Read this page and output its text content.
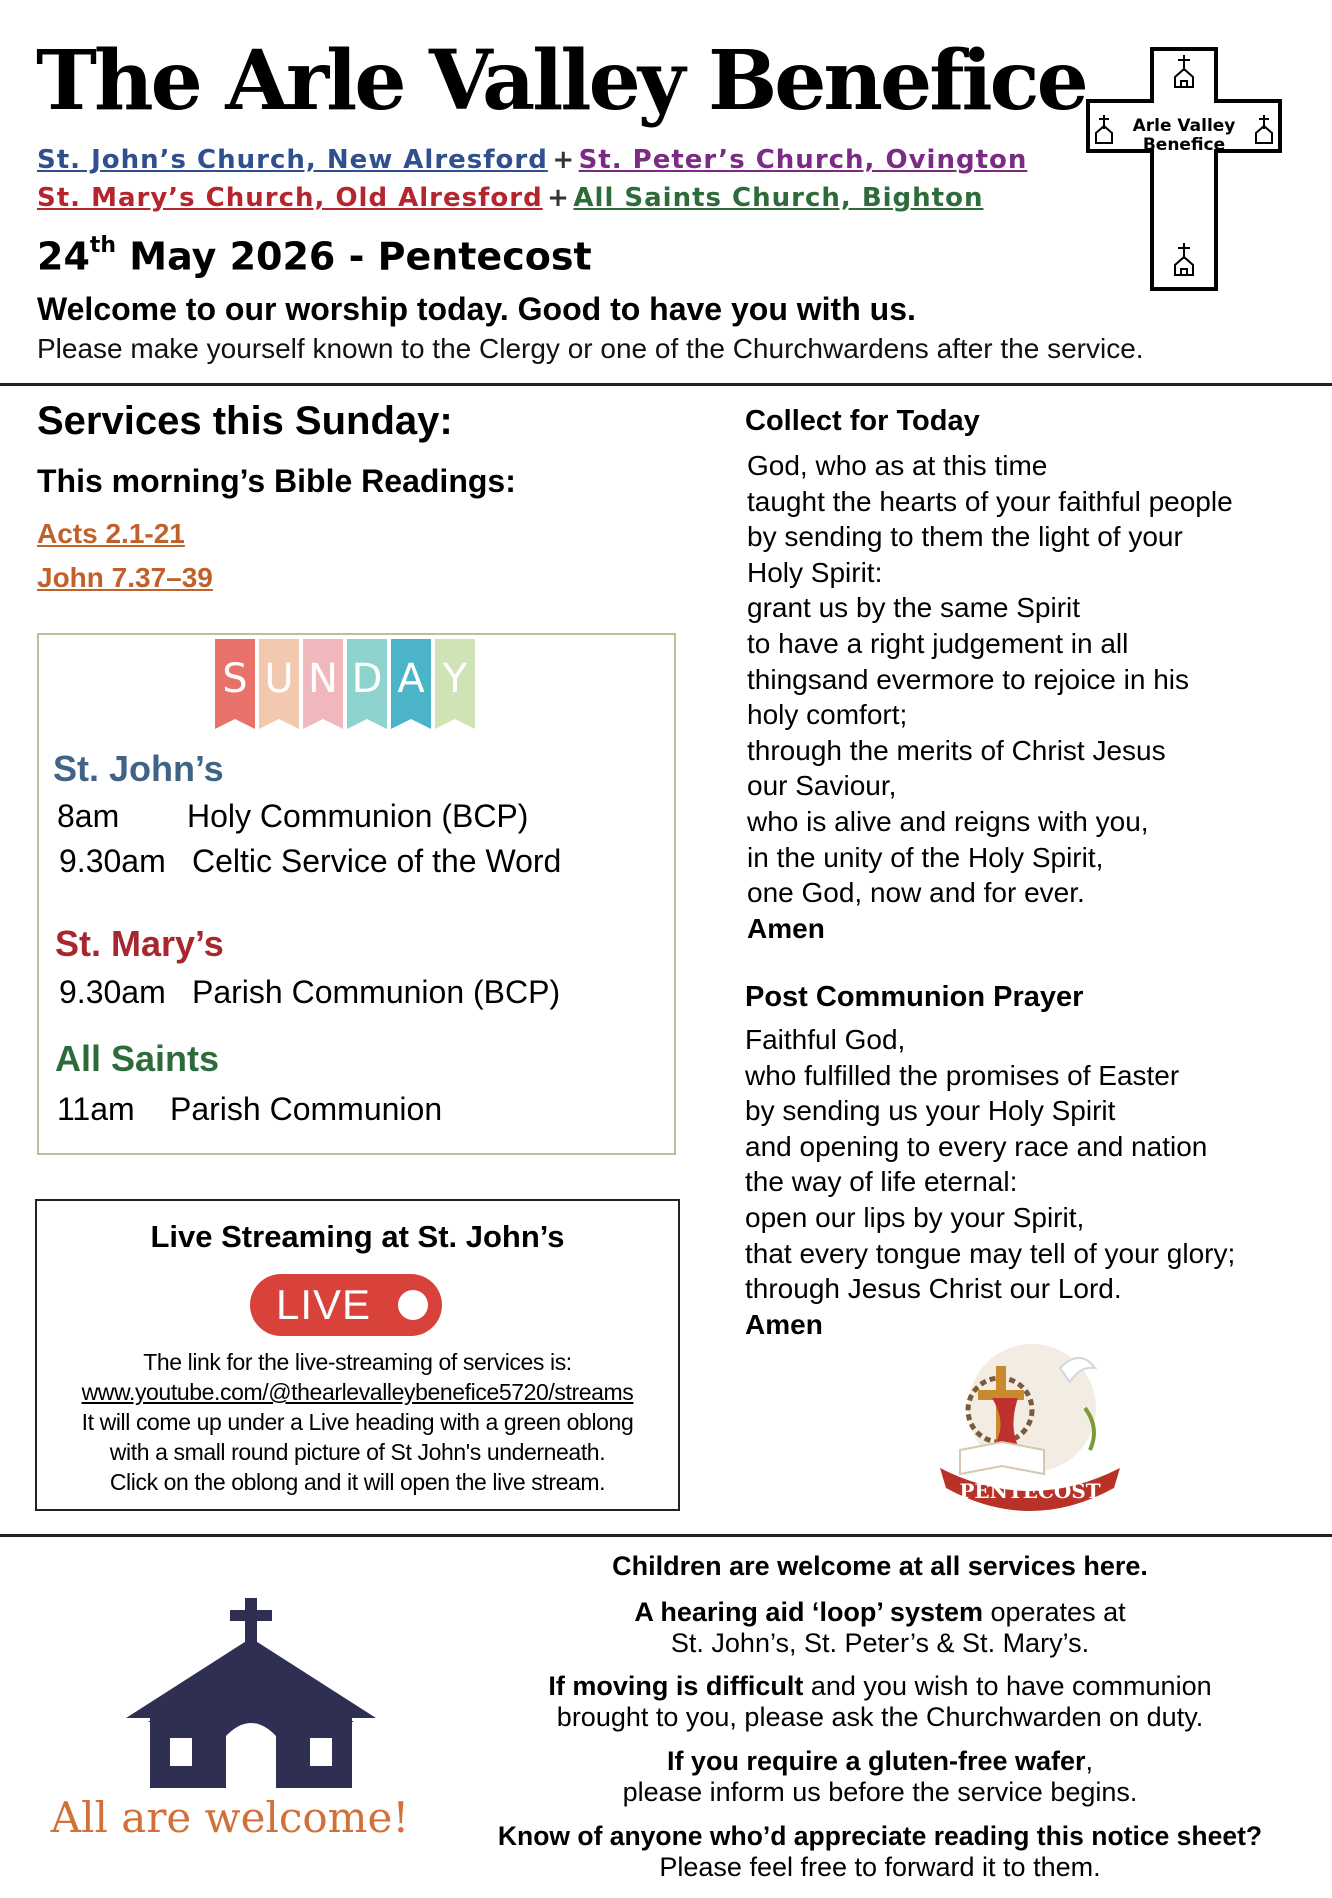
The Arle Valley Benefice
St. John’s Church, New Alresford + St. Peter’s Church, Ovington
St. Mary’s Church, Old Alresford + All Saints Church, Bighton
24th May 2026 - Pentecost
Welcome to our worship today. Good to have you with us.
Please make yourself known to the Clergy or one of the Churchwardens after the service.
Arle Valley
Benefice
Services this Sunday:
This morning’s Bible Readings:
Acts 2.1-21
John 7.37–39
S U N D A Y
St. John’s
8am Holy Communion (BCP)
9.30am Celtic Service of the Word
St. Mary’s
9.30am Parish Communion (BCP)
All Saints
11am Parish Communion
Live Streaming at St. John’s
LIVE
The link for the live-streaming of services is:
www.youtube.com/@thearlevalleybenefice5720/streams
It will come up under a Live heading with a green oblong
with a small round picture of St John's underneath.
Click on the oblong and it will open the live stream.
Collect for Today
God, who as at this time
taught the hearts of your faithful people
by sending to them the light of your
Holy Spirit:
grant us by the same Spirit
to have a right judgement in all
thingsand evermore to rejoice in his
holy comfort;
through the merits of Christ Jesus
our Saviour,
who is alive and reigns with you,
in the unity of the Holy Spirit,
one God, now and for ever.
Amen
Post Communion Prayer
Faithful God,
who fulfilled the promises of Easter
by sending us your Holy Spirit
and opening to every race and nation
the way of life eternal:
open our lips by your Spirit,
that every tongue may tell of your glory;
through Jesus Christ our Lord.
Amen
PENTECOST
All are welcome!
Children are welcome at all services here.
A hearing aid ‘loop’ system operates at
St. John’s, St. Peter’s & St. Mary’s.
If moving is difficult and you wish to have communion
brought to you, please ask the Churchwarden on duty.
If you require a gluten-free wafer,
please inform us before the service begins.
Know of anyone who’d appreciate reading this notice sheet?
Please feel free to forward it to them.
